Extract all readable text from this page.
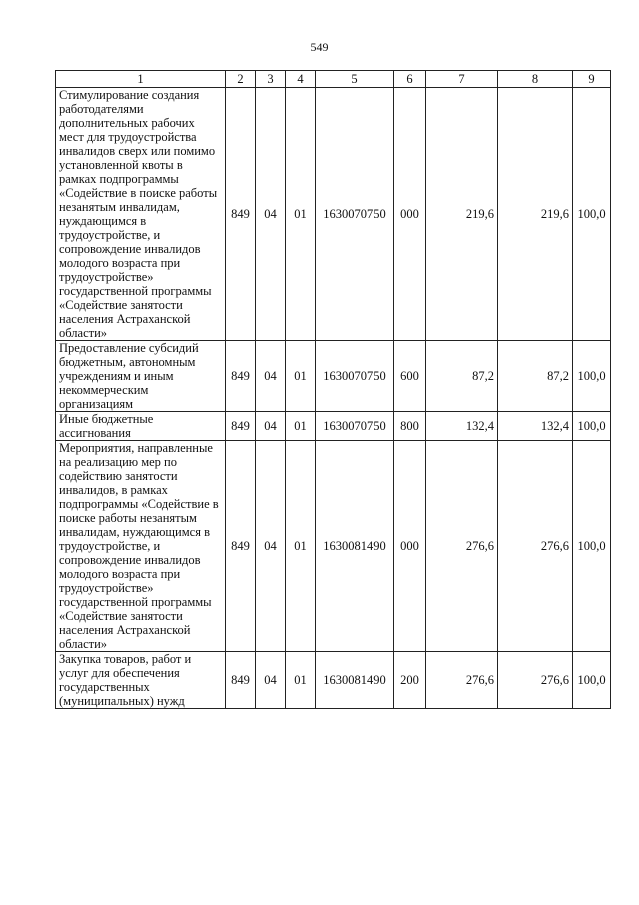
549
1	2	3	4	5	6	7	8	9
Стимулирование создания работодателями дополнительных рабочих мест для трудоустройства инвалидов сверх или помимо установленной квоты в рамках подпрограммы «Содействие в поиске работы незанятым инвалидам, нуждающимся в трудоустройстве, и сопровождение инвалидов молодого возраста при трудоустройстве» государственной программы «Содействие занятости населения Астраханской области»	849	04	01	1630070750	000	219,6	219,6	100,0
Предоставление субсидий бюджетным, автономным учреждениям и иным некоммерческим организациям	849	04	01	1630070750	600	87,2	87,2	100,0
Иные бюджетные ассигнования	849	04	01	1630070750	800	132,4	132,4	100,0
Мероприятия, направленные на реализацию мер по содействию занятости инвалидов, в рамках подпрограммы «Содействие в поиске работы незанятым инвалидам, нуждающимся в трудоустройстве, и сопровождение инвалидов молодого возраста при трудоустройстве» государственной программы «Содействие занятости населения Астраханской области»	849	04	01	1630081490	000	276,6	276,6	100,0
Закупка товаров, работ и услуг для обеспечения государственных (муниципальных) нужд	849	04	01	1630081490	200	276,6	276,6	100,0
